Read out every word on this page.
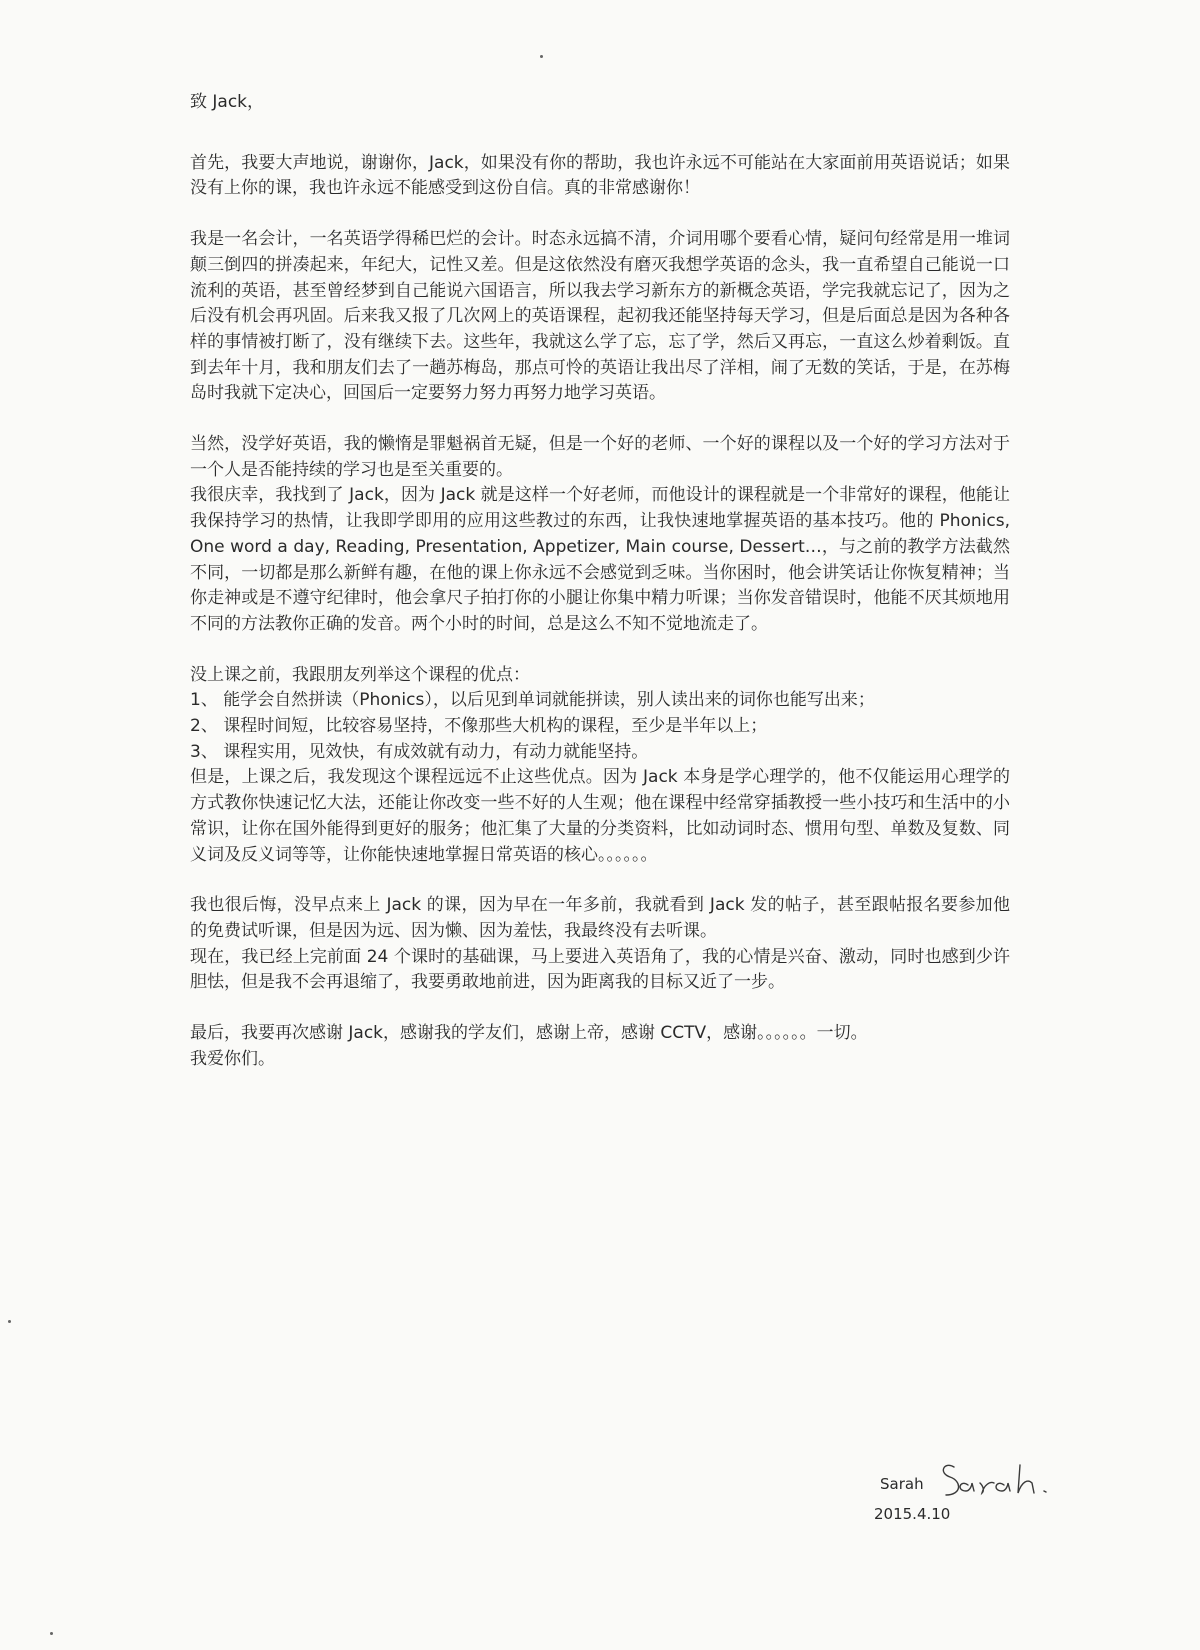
致 Jack，

首先，我要大声地说，谢谢你，Jack，如果没有你的帮助，我也许永远不可能站在大家面前用英语说话；如果没有上你的课，我也许永远不能感受到这份自信。真的非常感谢你！

我是一名会计，一名英语学得稀巴烂的会计。时态永远搞不清，介词用哪个要看心情，疑问句经常是用一堆词颠三倒四的拼凑起来，年纪大，记性又差。但是这依然没有磨灭我想学英语的念头，我一直希望自己能说一口流利的英语，甚至曾经梦到自己能说六国语言，所以我去学习新东方的新概念英语，学完我就忘记了，因为之后没有机会再巩固。后来我又报了几次网上的英语课程，起初我还能坚持每天学习，但是后面总是因为各种各样的事情被打断了，没有继续下去。这些年，我就这么学了忘，忘了学，然后又再忘，一直这么炒着剩饭。直到去年十月，我和朋友们去了一趟苏梅岛，那点可怜的英语让我出尽了洋相，闹了无数的笑话，于是，在苏梅岛时我就下定决心，回国后一定要努力努力再努力地学习英语。

当然，没学好英语，我的懒惰是罪魁祸首无疑，但是一个好的老师、一个好的课程以及一个好的学习方法对于一个人是否能持续的学习也是至关重要的。

我很庆幸，我找到了 Jack，因为 Jack 就是这样一个好老师，而他设计的课程就是一个非常好的课程，他能让我保持学习的热情，让我即学即用的应用这些教过的东西，让我快速地掌握英语的基本技巧。他的 Phonics, One word a day, Reading, Presentation, Appetizer, Main course, Dessert…，与之前的教学方法截然不同，一切都是那么新鲜有趣，在他的课上你永远不会感觉到乏味。当你困时，他会讲笑话让你恢复精神；当你走神或是不遵守纪律时，他会拿尺子拍打你的小腿让你集中精力听课；当你发音错误时，他能不厌其烦地用不同的方法教你正确的发音。两个小时的时间，总是这么不知不觉地流走了。

没上课之前，我跟朋友列举这个课程的优点：

1、 能学会自然拼读（Phonics），以后见到单词就能拼读，别人读出来的词你也能写出来；

2、 课程时间短，比较容易坚持，不像那些大机构的课程，至少是半年以上；

3、 课程实用，见效快，有成效就有动力，有动力就能坚持。

但是，上课之后，我发现这个课程远远不止这些优点。因为 Jack 本身是学心理学的，他不仅能运用心理学的方式教你快速记忆大法，还能让你改变一些不好的人生观；他在课程中经常穿插教授一些小技巧和生活中的小常识，让你在国外能得到更好的服务；他汇集了大量的分类资料，比如动词时态、惯用句型、单数及复数、同义词及反义词等等，让你能快速地掌握日常英语的核心。。。。。。

我也很后悔，没早点来上 Jack 的课，因为早在一年多前，我就看到 Jack 发的帖子，甚至跟帖报名要参加他的免费试听课，但是因为远、因为懒、因为羞怯，我最终没有去听课。

现在，我已经上完前面 24 个课时的基础课，马上要进入英语角了，我的心情是兴奋、激动，同时也感到少许胆怯，但是我不会再退缩了，我要勇敢地前进，因为距离我的目标又近了一步。

最后，我要再次感谢 Jack，感谢我的学友们，感谢上帝，感谢 CCTV，感谢。。。。。。一切。

我爱你们。

Sarah
2015.4.10
